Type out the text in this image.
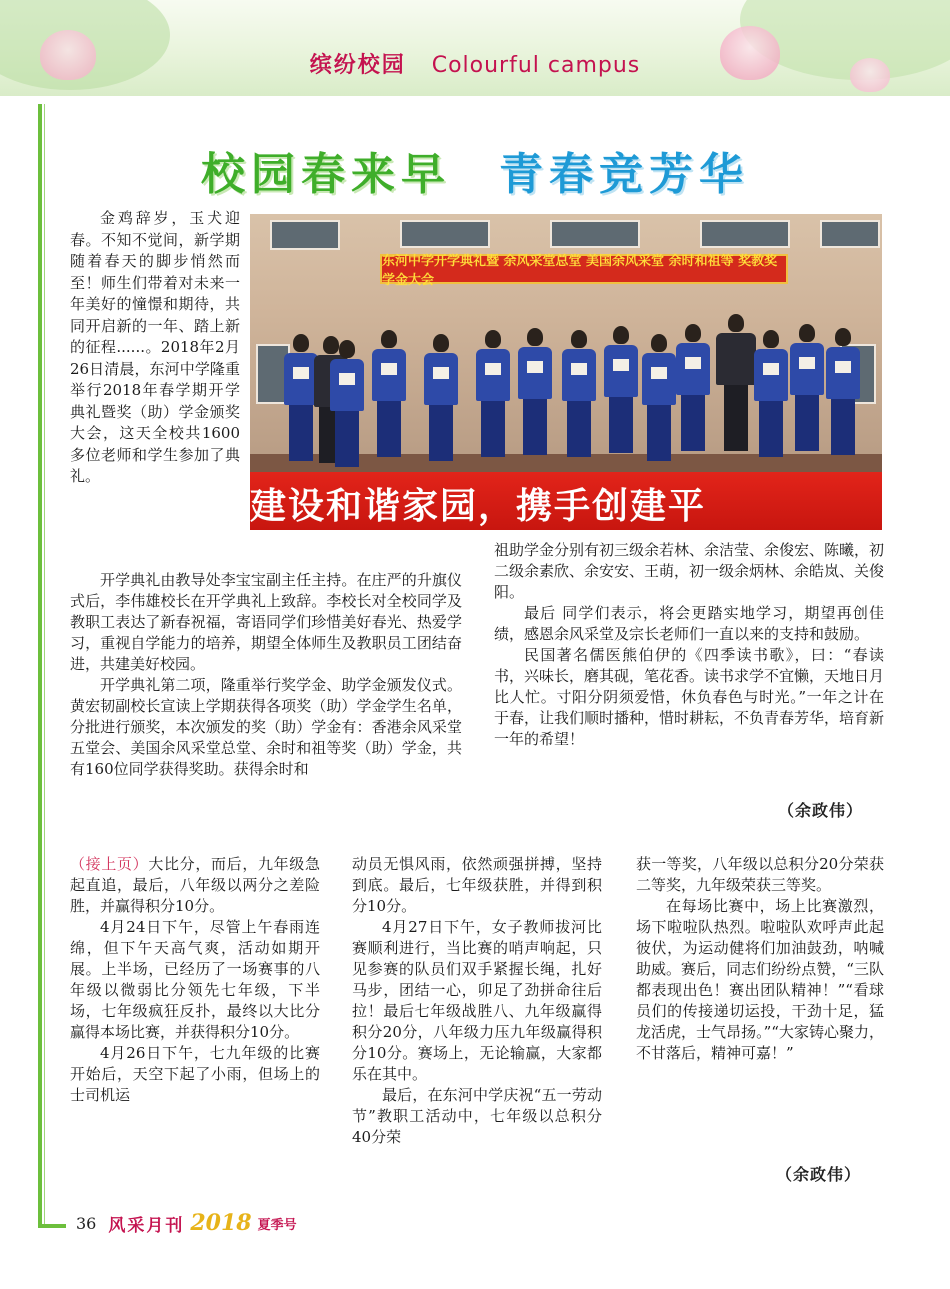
缤纷校园 Colourful campus
校园春来早 青春竞芳华

金鸡辞岁，玉犬迎春。不知不觉间，新学期随着春天的脚步悄然而至！师生们带着对未来一年美好的憧憬和期待，共同开启新的一年、踏上新的征程......。2018年2月26日清晨，东河中学隆重举行2018年春学期开学典礼暨奖（助）学金颁奖大会，这天全校共1600多位老师和学生参加了典礼。

东河中学开学典礼暨 余风采堂总堂 美国余风采堂 余时和祖等 奖教奖学金大会
建设和谐家园，携手创建平

开学典礼由教导处李宝宝副主任主持。在庄严的升旗仪式后，李伟雄校长在开学典礼上致辞。李校长对全校同学及教职工表达了新春祝福，寄语同学们珍惜美好春光、热爱学习，重视自学能力的培养，期望全体师生及教职员工团结奋进，共建美好校园。

开学典礼第二项，隆重举行奖学金、助学金颁发仪式。黄宏韧副校长宣读上学期获得各项奖（助）学金学生名单，分批进行颁奖，本次颁发的奖（助）学金有：香港余风采堂五堂会、美国余风采堂总堂、余时和祖等奖（助）学金，共有160位同学获得奖助。获得余时和

祖助学金分别有初三级余若林、余洁莹、余俊宏、陈曦，初二级余素欣、余安安、王萌，初一级余炳林、余皓岚、关俊阳。

最后 同学们表示，将会更踏实地学习，期望再创佳绩，感恩余风采堂及宗长老师们一直以来的支持和鼓励。

民国著名儒医熊伯伊的《四季读书歌》，曰：“春读书，兴味长，磨其砚，笔花香。读书求学不宜懒，天地日月比人忙。寸阳分阴须爱惜，休负春色与时光。”一年之计在于春，让我们顺时播种，惜时耕耘，不负青春芳华，培育新一年的希望！

（余政伟）

（接上页）大比分，而后，九年级急起直追，最后，八年级以两分之差险胜，并赢得积分10分。

4月24日下午，尽管上午春雨连绵，但下午天高气爽，活动如期开展。上半场，已经历了一场赛事的八年级以微弱比分领先七年级，下半场，七年级疯狂反扑，最终以大比分赢得本场比赛，并获得积分10分。

4月26日下午，七九年级的比赛开始后，天空下起了小雨，但场上的士司机运

动员无惧风雨，依然顽强拼搏，坚持到底。最后，七年级获胜，并得到积分10分。

4月27日下午，女子教师拔河比赛顺利进行，当比赛的哨声响起，只见参赛的队员们双手紧握长绳，扎好马步，团结一心，卯足了劲拼命往后拉！最后七年级战胜八、九年级赢得积分20分，八年级力压九年级赢得积分10分。赛场上，无论输赢，大家都乐在其中。

最后，在东河中学庆祝“五一劳动节”教职工活动中，七年级以总积分40分荣

获一等奖，八年级以总积分20分荣获二等奖，九年级荣获三等奖。

在每场比赛中，场上比赛激烈，场下啦啦队热烈。啦啦队欢呼声此起彼伏，为运动健将们加油鼓劲，呐喊助威。赛后，同志们纷纷点赞，“三队都表现出色！赛出团队精神！”“看球员们的传接递切运投，干劲十足，猛龙活虎，士气昂扬。”“大家铸心聚力，不甘落后，精神可嘉！”

（余政伟）
36 风采月刊 2018 夏季号
